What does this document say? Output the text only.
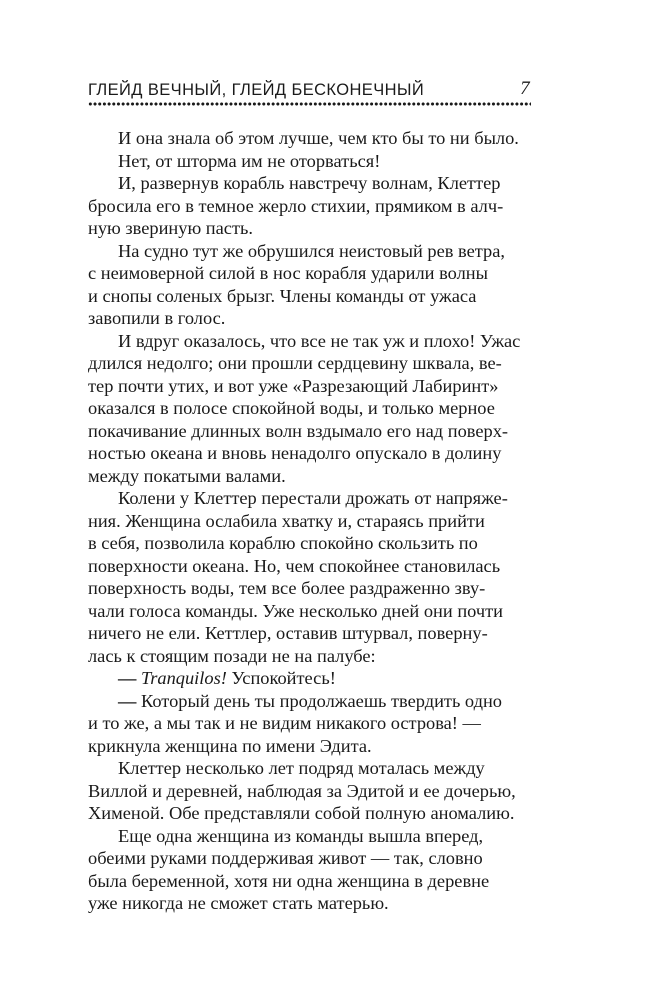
ГЛЕЙД ВЕЧНЫЙ, ГЛЕЙД БЕСКОНЕЧНЫЙ	7

И она знала об этом лучше, чем кто бы то ни было.

Нет, от шторма им не оторваться!

И, развернув корабль навстречу волнам, Клеттер

бросила его в темное жерло стихии, прямиком в алч-

ную звериную пасть.

На судно тут же обрушился неистовый рев ветра,

с неимоверной силой в нос корабля ударили волны

и снопы соленых брызг. Члены команды от ужаса

завопили в голос.

И вдруг оказалось, что все не так уж и плохо! Ужас

длился недолго; они прошли сердцевину шквала, ве-

тер почти утих, и вот уже «Разрезающий Лабиринт»

оказался в полосе спокойной воды, и только мерное

покачивание длинных волн вздымало его над поверх-

ностью океана и вновь ненадолго опускало в долину

между покатыми валами.

Колени у Клеттер перестали дрожать от напряже-

ния. Женщина ослабила хватку и, стараясь прийти

в себя, позволила кораблю спокойно скользить по

поверхности океана. Но, чем спокойнее становилась

поверхность воды, тем все более раздраженно зву-

чали голоса команды. Уже несколько дней они почти

ничего не ели. Кеттлер, оставив штурвал, поверну-

лась к стоящим позади не на палубе:

— Tranquilos! Успокойтесь!

— Который день ты продолжаешь твердить одно

и то же, а мы так и не видим никакого острова! —

крикнула женщина по имени Эдита.

Клеттер несколько лет подряд моталась между

Виллой и деревней, наблюдая за Эдитой и ее дочерью,

Хименой. Обе представляли собой полную аномалию.

Еще одна женщина из команды вышла вперед,

обеими руками поддерживая живот — так, словно

была беременной, хотя ни одна женщина в деревне

уже никогда не сможет стать матерью.
